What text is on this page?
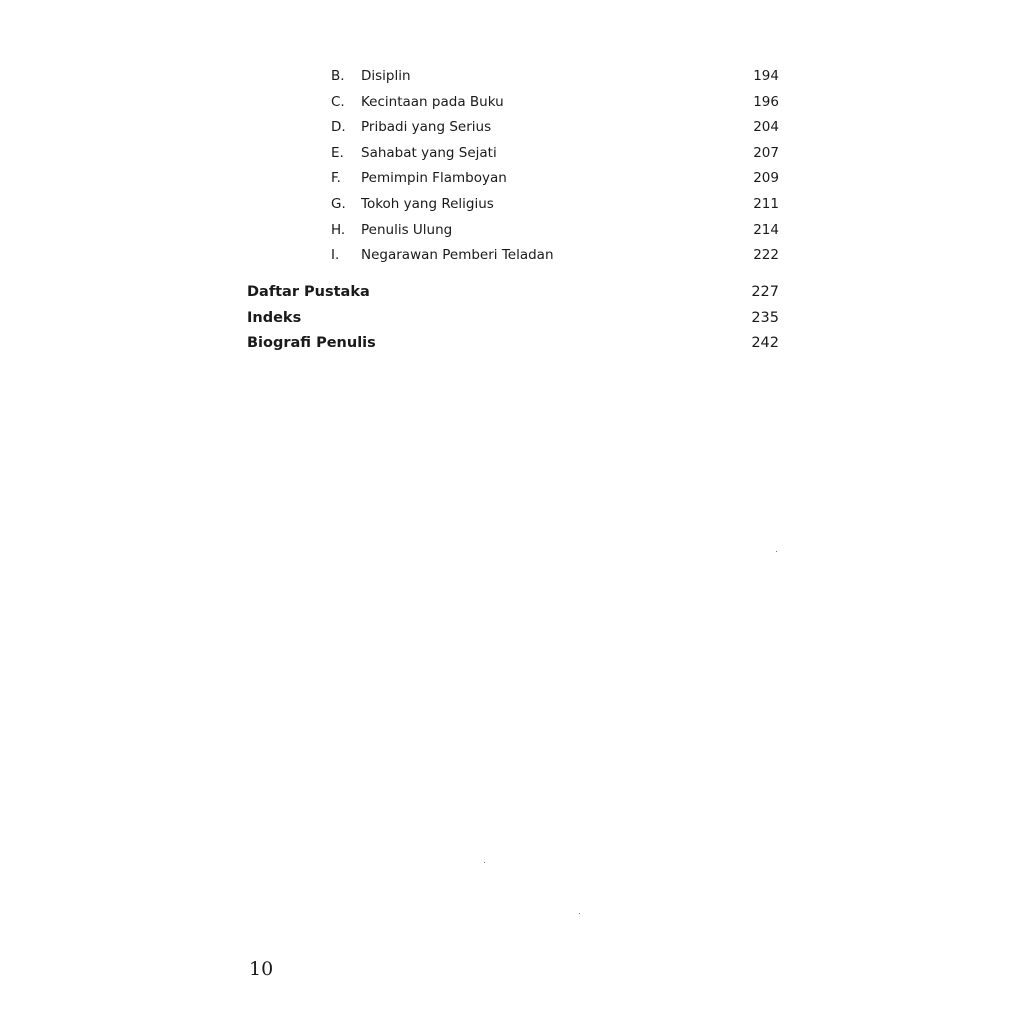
B.	Disiplin . . .	194
C.	Kecintaan pada Buku . . .	196
D.	Pribadi yang Serius . . .	204
E.	Sahabat yang Sejati . . .	207
F.	Pemimpin Flamboyan . . .	209
G.	Tokoh yang Religius . . .	211
H.	Penulis Ulung . . .	214
I.	Negarawan Pemberi Teladan . . .	222
Daftar Pustaka . . .	227
Indeks . . .	235
Biografi Penulis . . .	242
10
